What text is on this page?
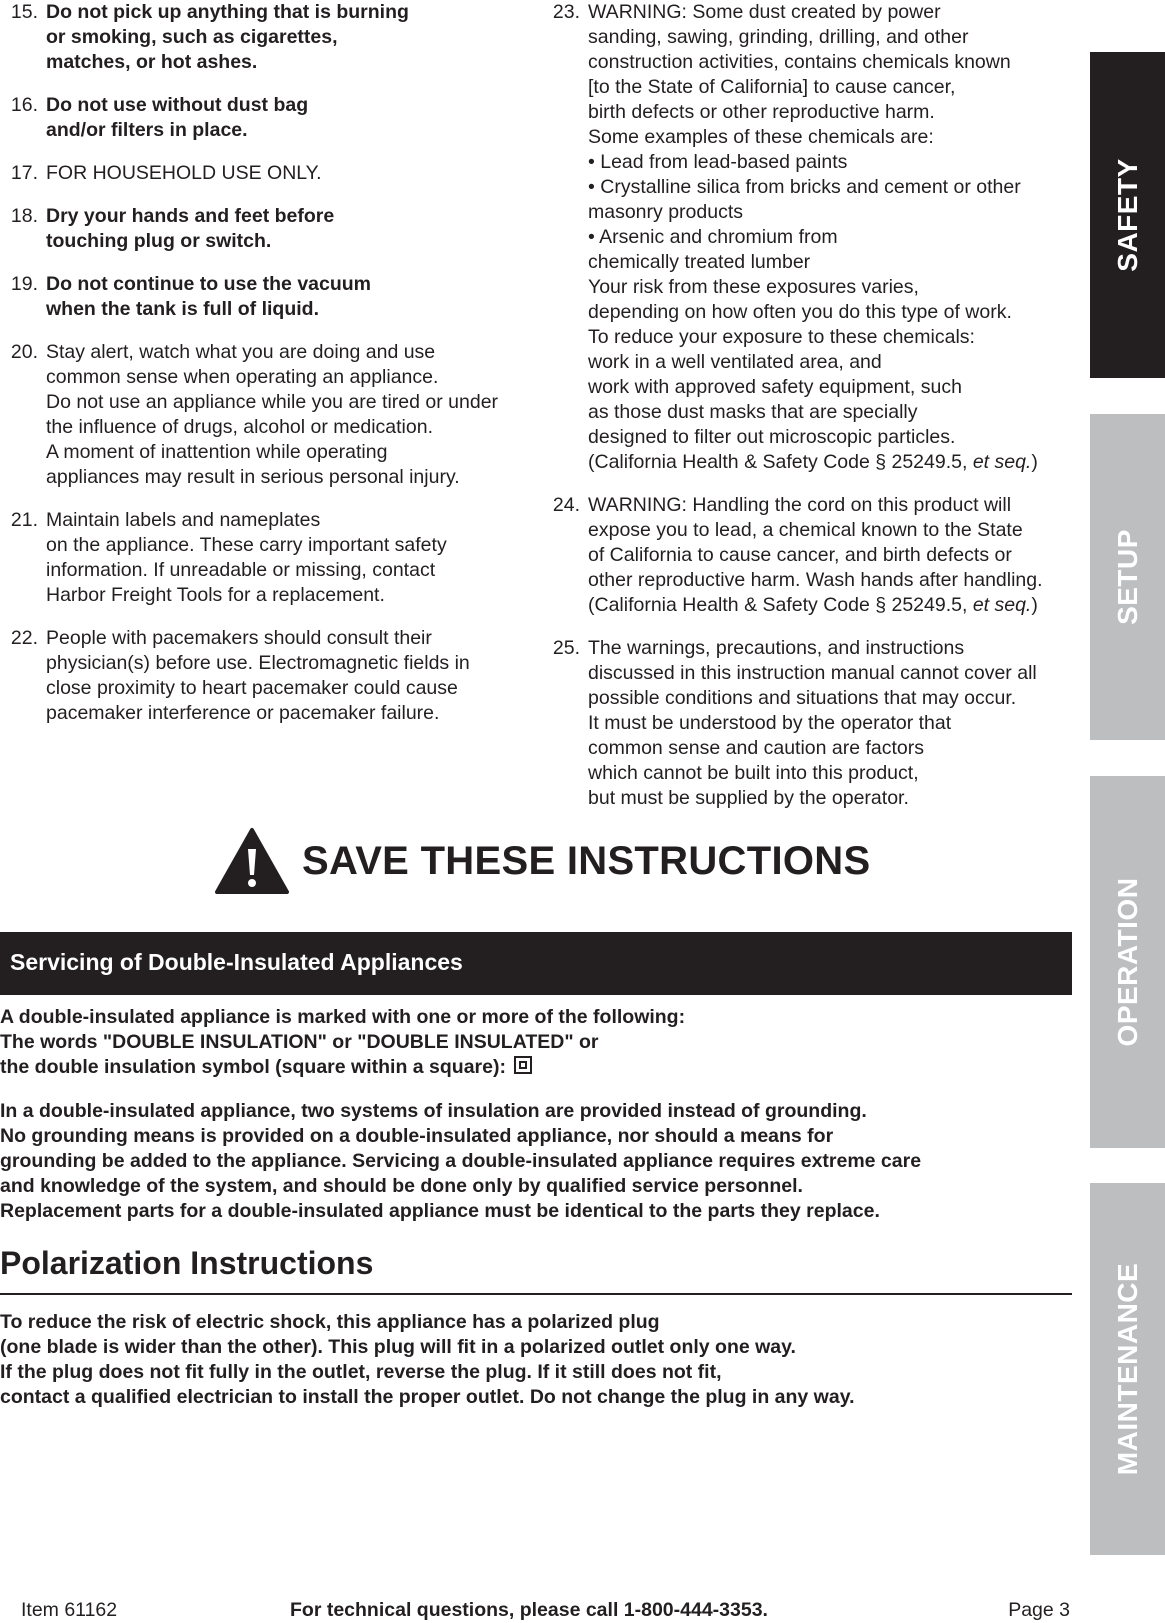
15. Do not pick up anything that is burning
or smoking, such as cigarettes,
matches, or hot ashes.
16. Do not use without dust bag
and/or filters in place.
17. FOR HOUSEHOLD USE ONLY.
18. Dry your hands and feet before
touching plug or switch.
19. Do not continue to use the vacuum
when the tank is full of liquid.
20. Stay alert, watch what you are doing and use
common sense when operating an appliance.
Do not use an appliance while you are tired or under
the influence of drugs, alcohol or medication.
A moment of inattention while operating
appliances may result in serious personal injury.
21. Maintain labels and nameplates
on the appliance. These carry important safety
information. If unreadable or missing, contact
Harbor Freight Tools for a replacement.
22. People with pacemakers should consult their
physician(s) before use. Electromagnetic fields in
close proximity to heart pacemaker could cause
pacemaker interference or pacemaker failure.
23. WARNING: Some dust created by power
sanding, sawing, grinding, drilling, and other
construction activities, contains chemicals known
[to the State of California] to cause cancer,
birth defects or other reproductive harm.
Some examples of these chemicals are:
• Lead from lead-based paints
• Crystalline silica from bricks and cement or other
masonry products
• Arsenic and chromium from
chemically treated lumber
Your risk from these exposures varies,
depending on how often you do this type of work.
To reduce your exposure to these chemicals:
work in a well ventilated area, and
work with approved safety equipment, such
as those dust masks that are specially
designed to filter out microscopic particles.
(California Health & Safety Code § 25249.5, et seq.)
24. WARNING: Handling the cord on this product will
expose you to lead, a chemical known to the State
of California to cause cancer, and birth defects or
other reproductive harm. Wash hands after handling.
(California Health & Safety Code § 25249.5, et seq.)
25. The warnings, precautions, and instructions
discussed in this instruction manual cannot cover all
possible conditions and situations that may occur.
It must be understood by the operator that
common sense and caution are factors
which cannot be built into this product,
but must be supplied by the operator.
SAVE THESE INSTRUCTIONS
Servicing of Double-Insulated Appliances
A double-insulated appliance is marked with one or more of the following:
The words "DOUBLE INSULATION" or "DOUBLE INSULATED" or
the double insulation symbol (square within a square):
In a double-insulated appliance, two systems of insulation are provided instead of grounding.
No grounding means is provided on a double-insulated appliance, nor should a means for
grounding be added to the appliance. Servicing a double-insulated appliance requires extreme care
and knowledge of the system, and should be done only by qualified service personnel.
Replacement parts for a double-insulated appliance must be identical to the parts they replace.
Polarization Instructions
To reduce the risk of electric shock, this appliance has a polarized plug
(one blade is wider than the other). This plug will fit in a polarized outlet only one way.
If the plug does not fit fully in the outlet, reverse the plug. If it still does not fit,
contact a qualified electrician to install the proper outlet. Do not change the plug in any way.
SAFETY
SETUP
OPERATION
MAINTENANCE
Item 61162	For technical questions, please call 1-800-444-3353.	Page 3
